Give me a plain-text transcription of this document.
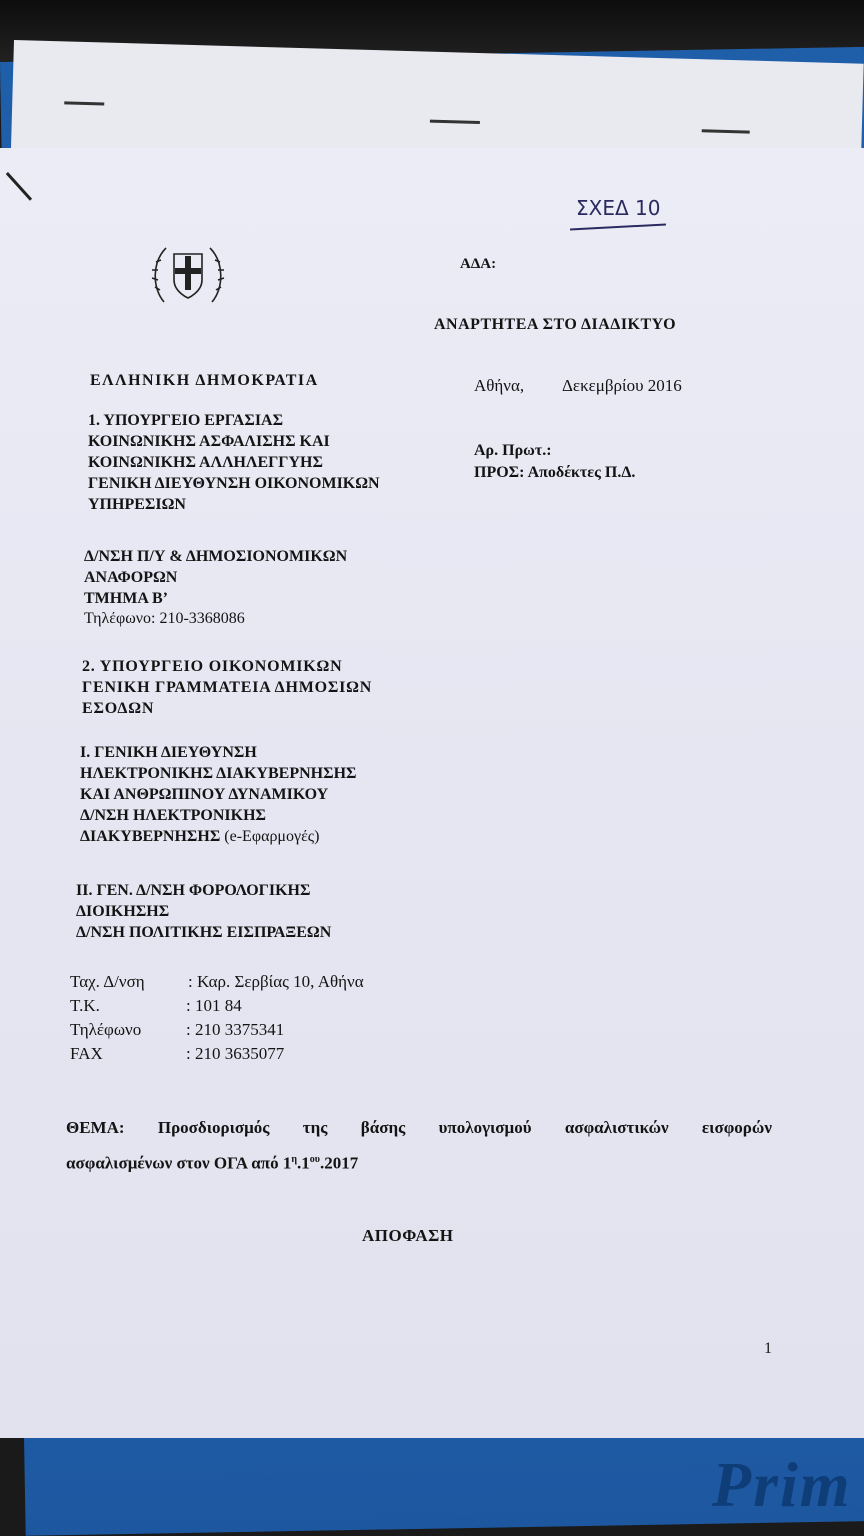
Prim
ΣΧΕΔ 10
ΑΔΑ:
ΑΝΑΡΤΗΤΕΑ ΣΤΟ ΔΙΑΔΙΚΤΥΟ
ΕΛΛΗΝΙΚΗ ΔΗΜΟΚΡΑΤΙΑ	Αθήνα, Δεκεμβρίου 2016
Αρ. Πρωτ.:
ΠΡΟΣ: Αποδέκτες Π.Δ.
1. ΥΠΟΥΡΓΕΙΟ ΕΡΓΑΣΙΑΣ
ΚΟΙΝΩΝΙΚΗΣ ΑΣΦΑΛΙΣΗΣ ΚΑΙ
ΚΟΙΝΩΝΙΚΗΣ ΑΛΛΗΛΕΓΓΥΗΣ
ΓΕΝΙΚΗ ΔΙΕΥΘΥΝΣΗ ΟΙΚΟΝΟΜΙΚΩΝ
ΥΠΗΡΕΣΙΩΝ
Δ/ΝΣΗ Π/Υ & ΔΗΜΟΣΙΟΝΟΜΙΚΩΝ
ΑΝΑΦΟΡΩΝ
ΤΜΗΜΑ Β’
Τηλέφωνο: 210-3368086
2. ΥΠΟΥΡΓΕΙΟ ΟΙΚΟΝΟΜΙΚΩΝ
ΓΕΝΙΚΗ ΓΡΑΜΜΑΤΕΙΑ ΔΗΜΟΣΙΩΝ
ΕΣΟΔΩΝ
Ι. ΓΕΝΙΚΗ ΔΙΕΥΘΥΝΣΗ
ΗΛΕΚΤΡΟΝΙΚΗΣ ΔΙΑΚΥΒΕΡΝΗΣΗΣ
ΚΑΙ ΑΝΘΡΩΠΙΝΟΥ ΔΥΝΑΜΙΚΟΥ
Δ/ΝΣΗ ΗΛΕΚΤΡΟΝΙΚΗΣ
ΔΙΑΚΥΒΕΡΝΗΣΗΣ (e-Εφαρμογές)
ΙΙ. ΓΕΝ. Δ/ΝΣΗ ΦΟΡΟΛΟΓΙΚΗΣ
ΔΙΟΙΚΗΣΗΣ
Δ/ΝΣΗ ΠΟΛΙΤΙΚΗΣ ΕΙΣΠΡΑΞΕΩΝ
Ταχ. Δ/νση	: Καρ. Σερβίας 10, Αθήνα
Τ.Κ.	: 101 84
Τηλέφωνο	: 210 3375341
FAX	: 210 3635077
ΘΕΜΑ: Προσδιορισμός της βάσης υπολογισμού ασφαλιστικών εισφορών
ασφαλισμένων στον ΟΓΑ από $1^\eta.1^{o\upsilon}.2017$
ΑΠΟΦΑΣΗ
1
